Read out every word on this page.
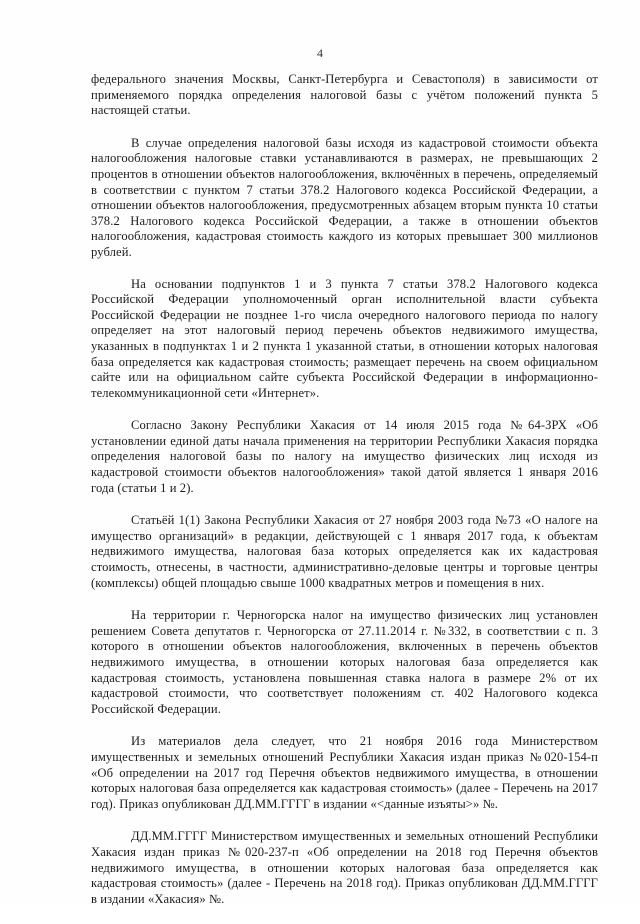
4

федерального значения Москвы, Санкт-Петербурга и Севастополя) в зависимости от применяемого порядка определения налоговой базы с учётом положений пункта 5 настоящей статьи.

В случае определения налоговой базы исходя из кадастровой стоимости объекта налогообложения налоговые ставки устанавливаются в размерах, не превышающих 2 процентов в отношении объектов налогообложения, включённых в перечень, определяемый в соответствии с пунктом 7 статьи 378.2 Налогового кодекса Российской Федерации, а отношении объектов налогообложения, предусмотренных абзацем вторым пункта 10 статьи 378.2 Налогового кодекса Российской Федерации, а также в отношении объектов налогообложения, кадастровая стоимость каждого из которых превышает 300 миллионов рублей.

На основании подпунктов 1 и 3 пункта 7 статьи 378.2 Налогового кодекса Российской Федерации уполномоченный орган исполнительной власти субъекта Российской Федерации не позднее 1-го числа очередного налогового периода по налогу определяет на этот налоговый период перечень объектов недвижимого имущества, указанных в подпунктах 1 и 2 пункта 1 указанной статьи, в отношении которых налоговая база определяется как кадастровая стоимость; размещает перечень на своем официальном сайте или на официальном сайте субъекта Российской Федерации в информационно-телекоммуникационной сети «Интернет».

Согласно Закону Республики Хакасия от 14 июля 2015 года №64-ЗРХ «Об установлении единой даты начала применения на территории Республики Хакасия порядка определения налоговой базы по налогу на имущество физических лиц исходя из кадастровой стоимости объектов налогообложения» такой датой является 1 января 2016 года (статьи 1 и 2).

Статьёй 1(1) Закона Республики Хакасия от 27 ноября 2003 года №73 «О налоге на имущество организаций» в редакции, действующей с 1 января 2017 года, к объектам недвижимого имущества, налоговая база которых определяется как их кадастровая стоимость, отнесены, в частности, административно-деловые центры и торговые центры (комплексы) общей площадью свыше 1000 квадратных метров и помещения в них.

На территории г. Черногорска налог на имущество физических лиц установлен решением Совета депутатов г. Черногорска от 27.11.2014 г. №332, в соответствии с п. 3 которого в отношении объектов налогообложения, включенных в перечень объектов недвижимого имущества, в отношении которых налоговая база определяется как кадастровая стоимость, установлена повышенная ставка налога в размере 2% от их кадастровой стоимости, что соответствует положениям ст. 402 Налогового кодекса Российской Федерации.

Из материалов дела следует, что 21 ноября 2016 года Министерством имущественных и земельных отношений Республики Хакасия издан приказ №020-154-п «Об определении на 2017 год Перечня объектов недвижимого имущества, в отношении которых налоговая база определяется как кадастровая стоимость» (далее - Перечень на 2017 год). Приказ опубликован ДД.ММ.ГГГГ в издании «<данные изъяты>» №.

ДД.ММ.ГГГГ Министерством имущественных и земельных отношений Республики Хакасия издан приказ №020-237-п «Об определении на 2018 год Перечня объектов недвижимого имущества, в отношении которых налоговая база определяется как кадастровая стоимость» (далее - Перечень на 2018 год). Приказ опубликован ДД.ММ.ГГГГ в издании «Хакасия» №.
